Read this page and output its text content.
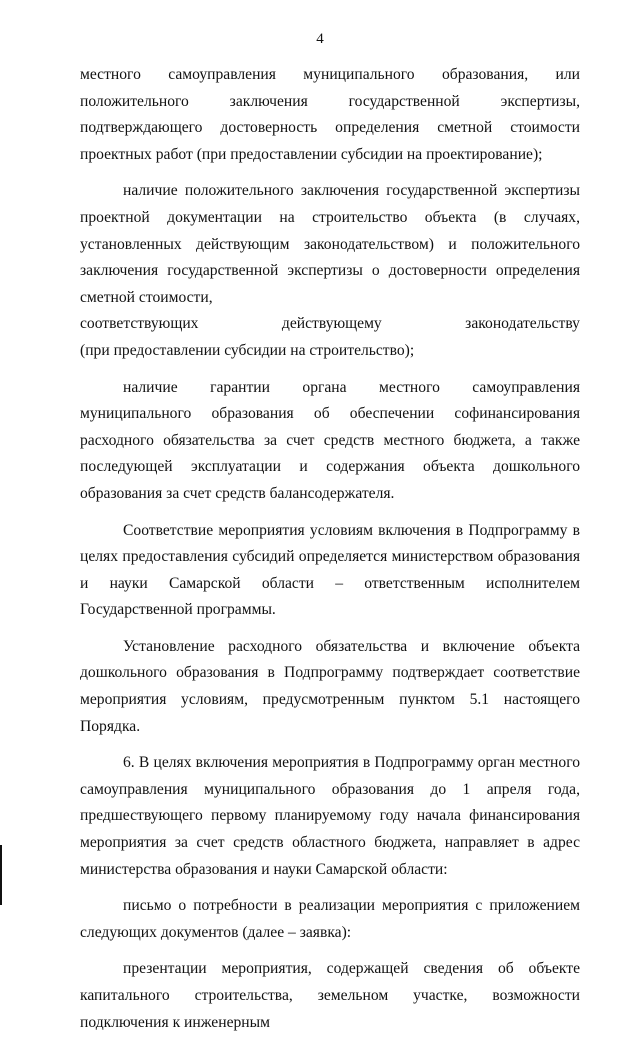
4

местного самоуправления муниципального образования, или положительного заключения государственной экспертизы, подтверждающего достоверность определения сметной стоимости проектных работ (при предоставлении субсидии на проектирование);

наличие положительного заключения государственной экспертизы проектной документации на строительство объекта (в случаях, установленных действующим законодательством) и положительного заключения государственной экспертизы о достоверности определения сметной стоимости,

соответствующих	действующему	законодательству

(при предоставлении субсидии на строительство);

наличие гарантии органа местного самоуправления муниципального образования об обеспечении софинансирования расходного обязательства за счет средств местного бюджета, а также последующей эксплуатации и содержания объекта дошкольного образования за счет средств балансодержателя.

Соответствие мероприятия условиям включения в Подпрограмму в целях предоставления субсидий определяется министерством образования и науки Самарской области – ответственным исполнителем Государственной программы.

Установление расходного обязательства и включение объекта дошкольного образования в Подпрограмму подтверждает соответствие мероприятия условиям, предусмотренным пунктом 5.1 настоящего Порядка.

6. В целях включения мероприятия в Подпрограмму орган местного самоуправления муниципального образования до 1 апреля года, предшествующего первому планируемому году начала финансирования мероприятия за счет средств областного бюджета, направляет в адрес министерства образования и науки Самарской области:

письмо о потребности в реализации мероприятия с приложением следующих документов (далее – заявка):

презентации мероприятия, содержащей сведения об объекте капитального строительства, земельном участке, возможности подключения к инженерным
